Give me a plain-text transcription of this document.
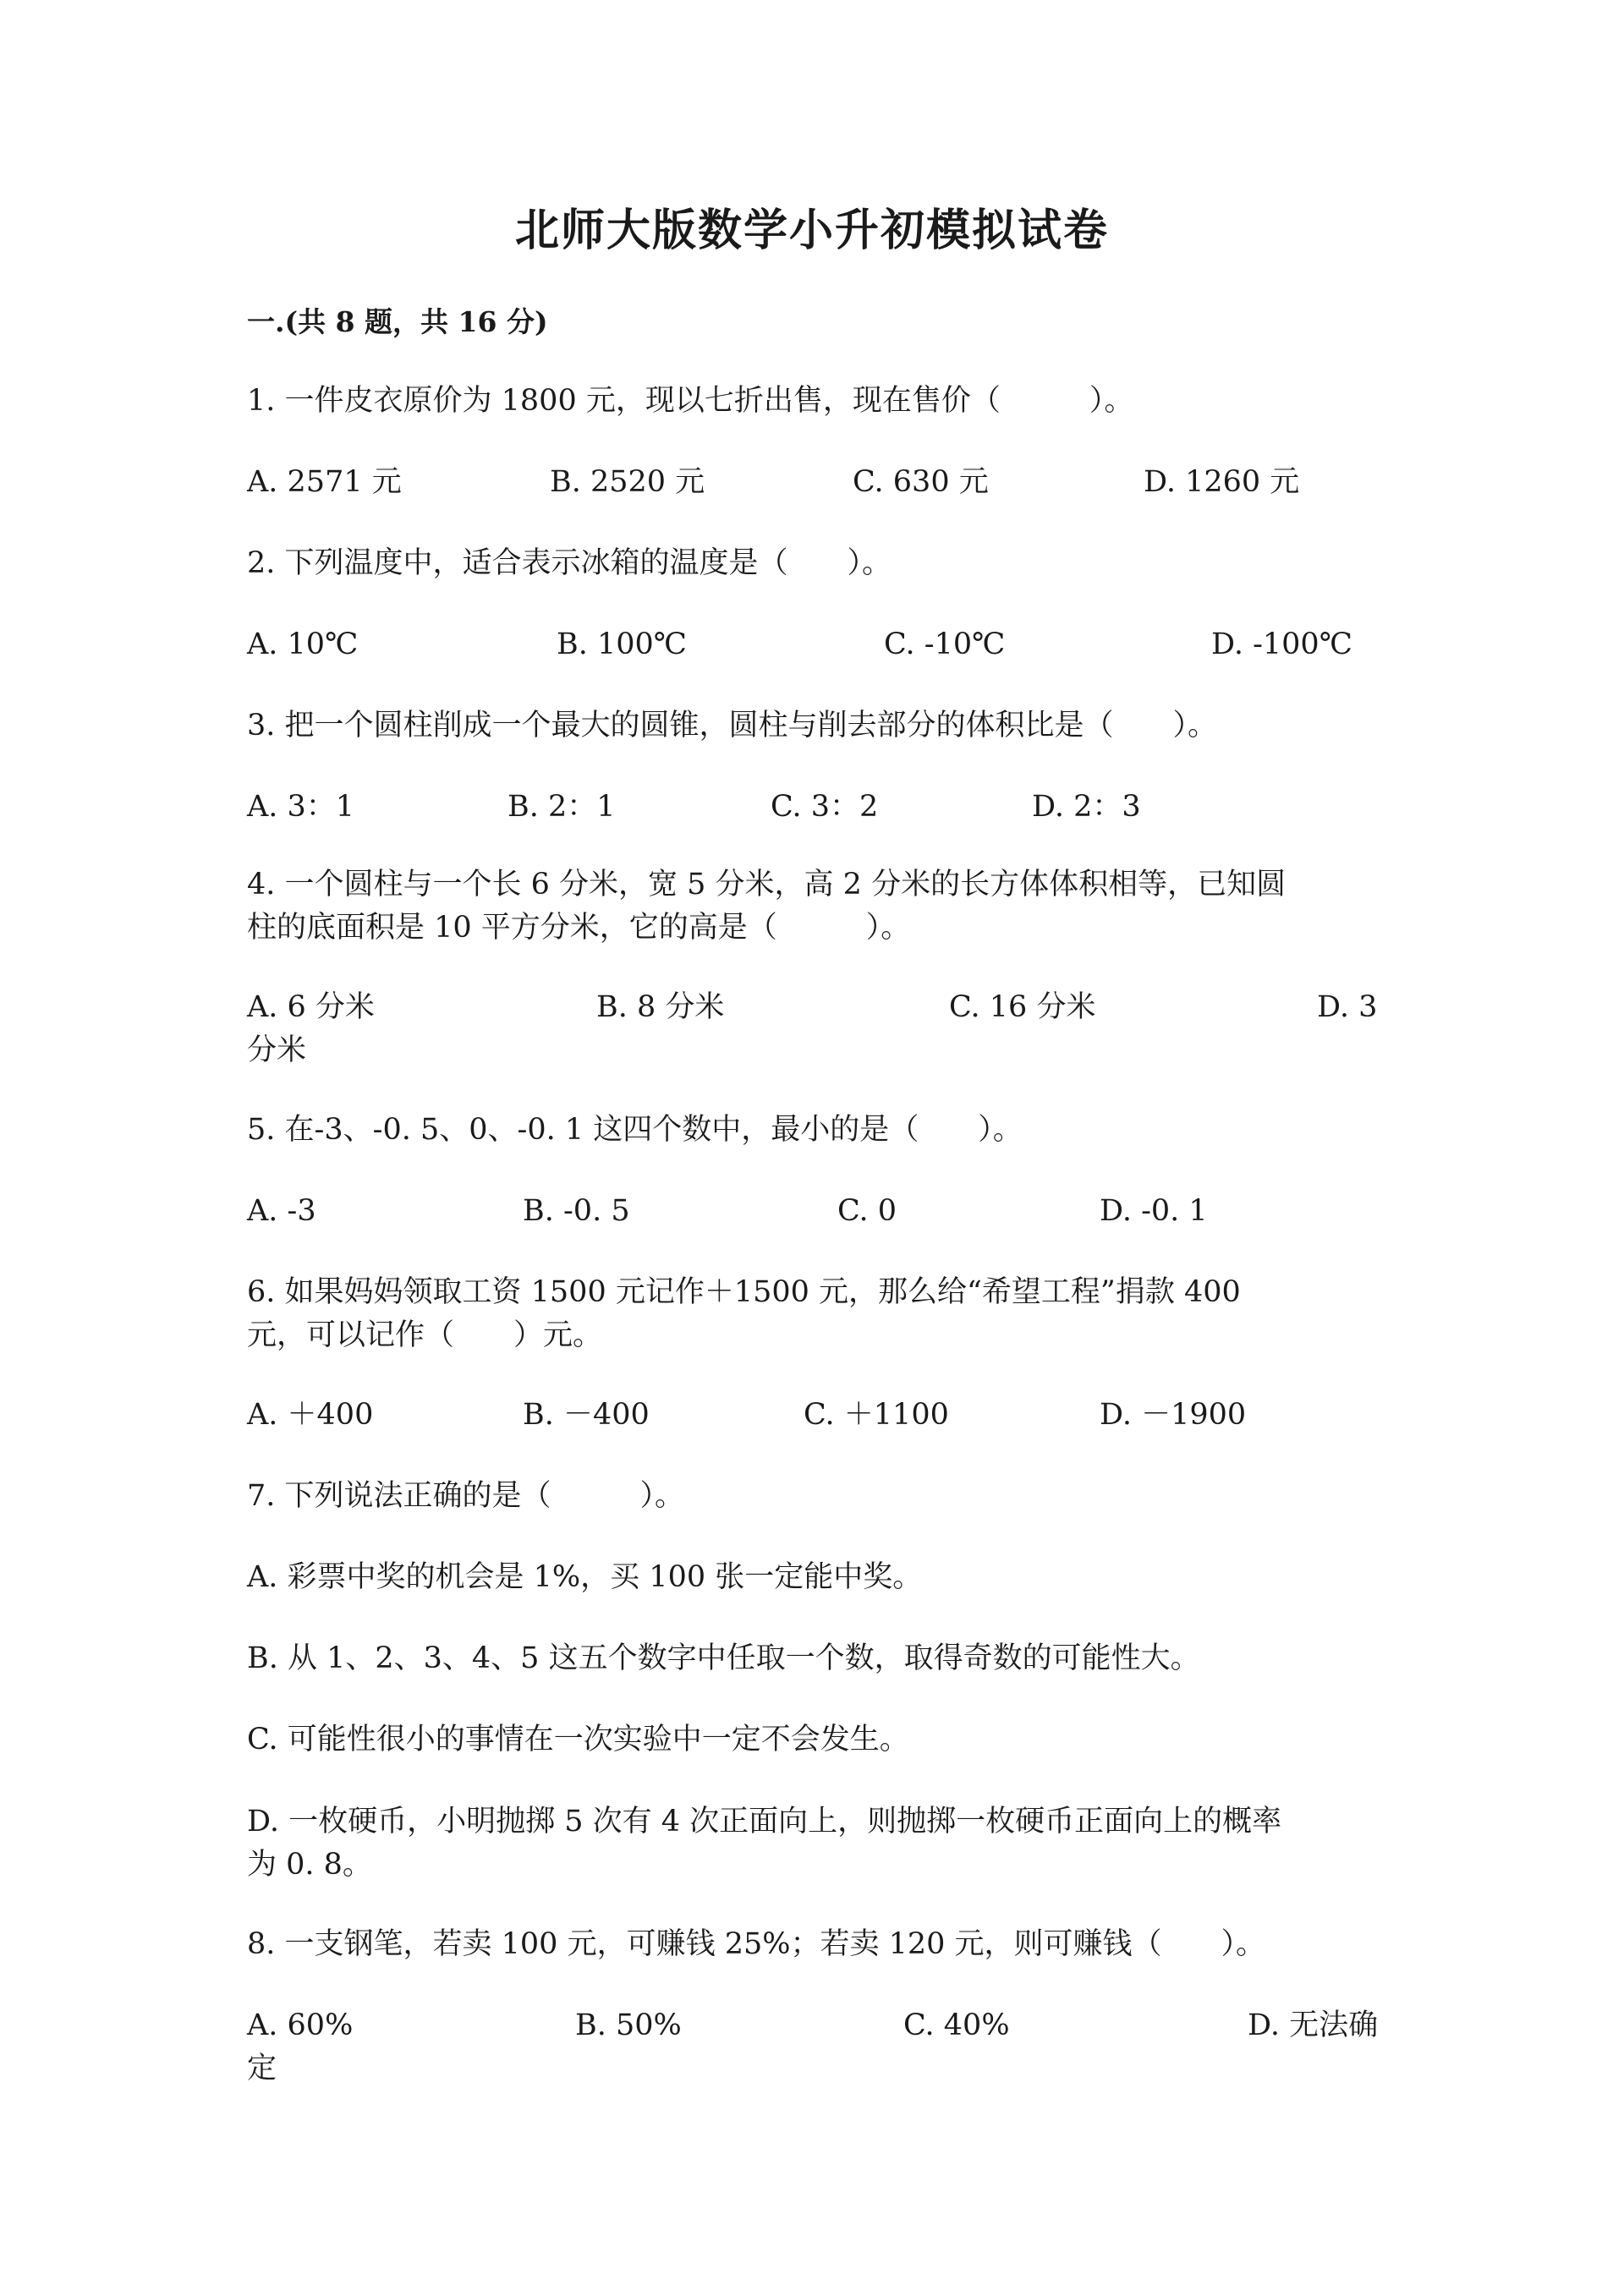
北师大版数学小升初模拟试卷
一.(共 8 题，共 16 分)
1. 一件皮衣原价为 1800 元，现以七折出售，现在售价（　　　）。
A. 2571 元	B. 2520 元	C. 630 元	D. 1260 元
2. 下列温度中，适合表示冰箱的温度是（　　）。
A. 10℃	B. 100℃	C. -10℃	D. -100℃
3. 把一个圆柱削成一个最大的圆锥，圆柱与削去部分的体积比是（　　）。
A. 3：1	B. 2：1	C. 3：2	D. 2：3
4. 一个圆柱与一个长 6 分米，宽 5 分米，高 2 分米的长方体体积相等，已知圆
柱的底面积是 10 平方分米，它的高是（　　　）。
A. 6 分米	B. 8 分米	C. 16 分米	D. 3
分米
5. 在-3、-0. 5、0、-0. 1 这四个数中，最小的是（　　）。
A. -3	B. -0. 5	C. 0	D. -0. 1
6. 如果妈妈领取工资 1500 元记作＋1500 元，那么给“希望工程”捐款 400
元，可以记作（　　）元。
A. ＋400	B. －400	C. ＋1100	D. －1900
7. 下列说法正确的是（　　　）。
A. 彩票中奖的机会是 1%，买 100 张一定能中奖。
B. 从 1、2、3、4、5 这五个数字中任取一个数，取得奇数的可能性大。
C. 可能性很小的事情在一次实验中一定不会发生。
D. 一枚硬币，小明抛掷 5 次有 4 次正面向上，则抛掷一枚硬币正面向上的概率
为 0. 8。
8. 一支钢笔，若卖 100 元，可赚钱 25%；若卖 120 元，则可赚钱（　　）。
A. 60%	B. 50%	C. 40%	D. 无法确
定
